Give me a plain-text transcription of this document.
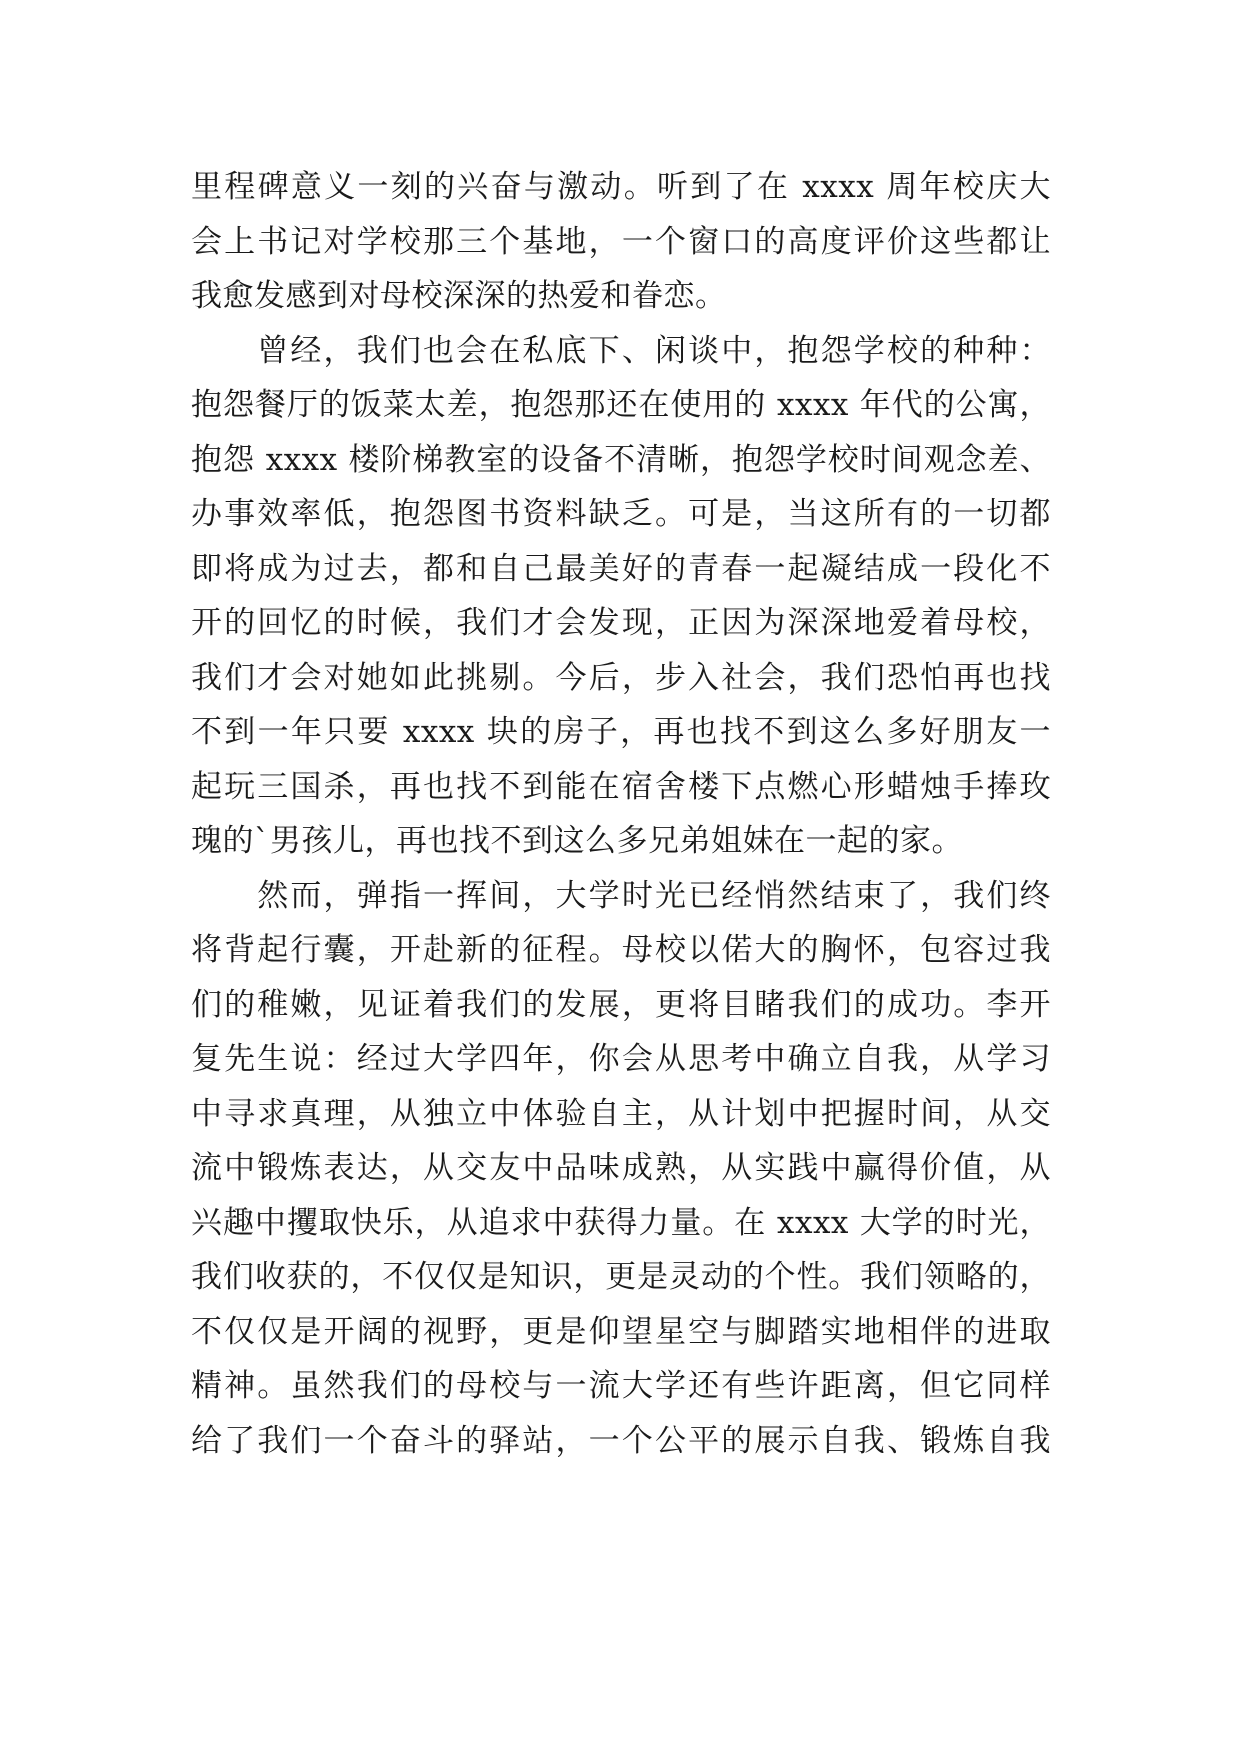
里程碑意义一刻的兴奋与激动。听到了在 xxxx 周年校庆大
会上书记对学校那三个基地，一个窗口的高度评价这些都让
我愈发感到对母校深深的热爱和眷恋。
　　曾经，我们也会在私底下、闲谈中，抱怨学校的种种：
抱怨餐厅的饭菜太差，抱怨那还在使用的 xxxx 年代的公寓，
抱怨 xxxx 楼阶梯教室的设备不清晰，抱怨学校时间观念差、
办事效率低，抱怨图书资料缺乏。可是，当这所有的一切都
即将成为过去，都和自己最美好的青春一起凝结成一段化不
开的回忆的时候，我们才会发现，正因为深深地爱着母校，
我们才会对她如此挑剔。今后，步入社会，我们恐怕再也找
不到一年只要 xxxx 块的房子，再也找不到这么多好朋友一
起玩三国杀，再也找不到能在宿舍楼下点燃心形蜡烛手捧玫
瑰的`男孩儿，再也找不到这么多兄弟姐妹在一起的家。
　　然而，弹指一挥间，大学时光已经悄然结束了，我们终
将背起行囊，开赴新的征程。母校以偌大的胸怀，包容过我
们的稚嫩，见证着我们的发展，更将目睹我们的成功。李开
复先生说：经过大学四年，你会从思考中确立自我，从学习
中寻求真理，从独立中体验自主，从计划中把握时间，从交
流中锻炼表达，从交友中品味成熟，从实践中赢得价值，从
兴趣中攫取快乐，从追求中获得力量。在 xxxx 大学的时光，
我们收获的，不仅仅是知识，更是灵动的个性。我们领略的，
不仅仅是开阔的视野，更是仰望星空与脚踏实地相伴的进取
精神。虽然我们的母校与一流大学还有些许距离，但它同样
给了我们一个奋斗的驿站，一个公平的展示自我、锻炼自我
